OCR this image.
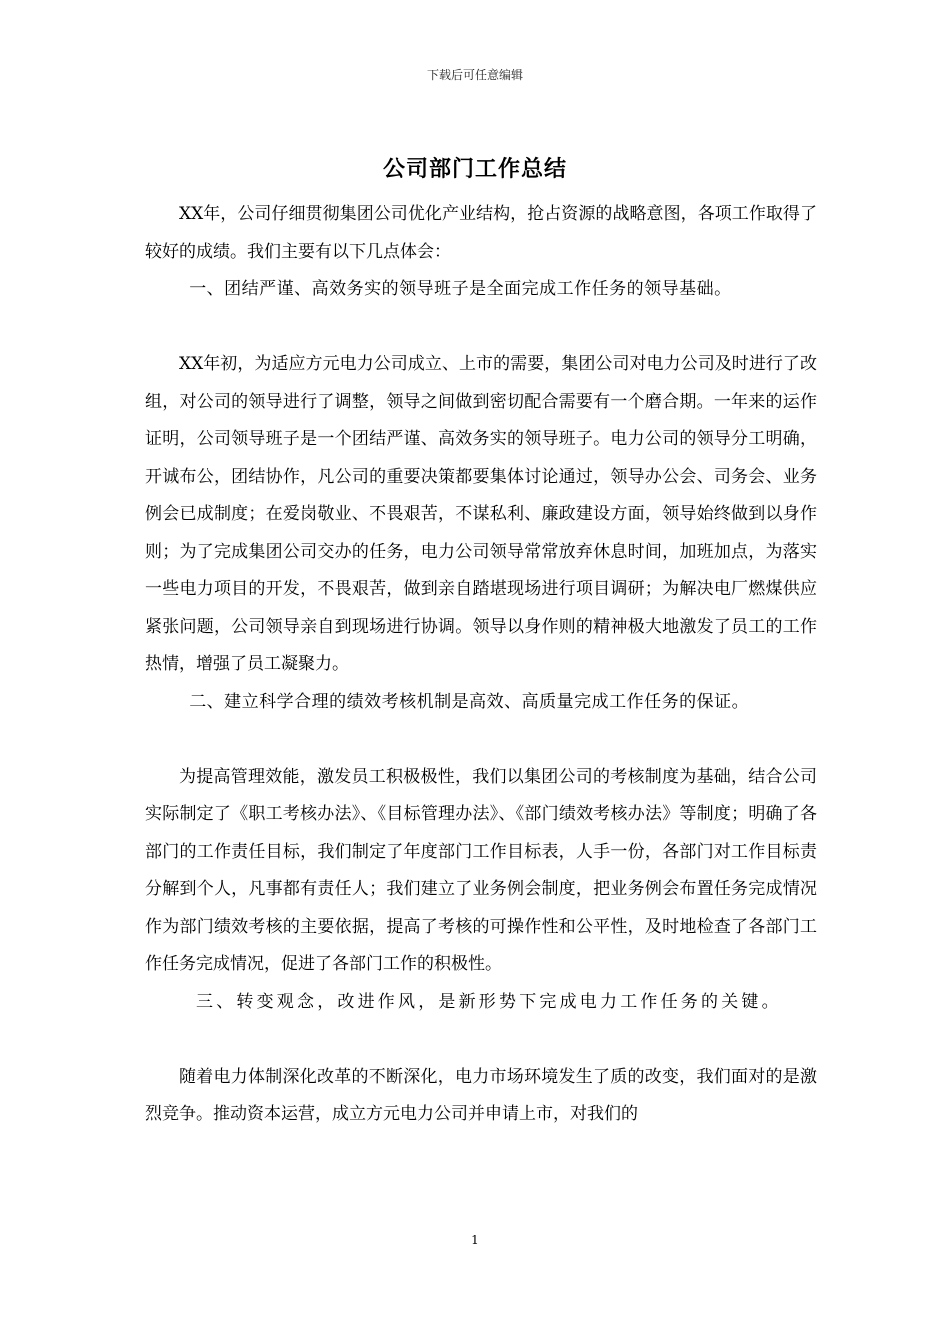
下载后可任意编辑
公司部门工作总结

XX年，公司仔细贯彻集团公司优化产业结构，抢占资源的战略意图，各项工作取得了较好的成绩。我们主要有以下几点体会：

一、团结严谨、高效务实的领导班子是全面完成工作任务的领导基础。

XX年初，为适应方元电力公司成立、上市的需要，集团公司对电力公司及时进行了改组，对公司的领导进行了调整，领导之间做到密切配合需要有一个磨合期。一年来的运作证明，公司领导班子是一个团结严谨、高效务实的领导班子。电力公司的领导分工明确，开诚布公，团结协作，凡公司的重要决策都要集体讨论通过，领导办公会、司务会、业务例会已成制度；在爱岗敬业、不畏艰苦，不谋私利、廉政建设方面，领导始终做到以身作则；为了完成集团公司交办的任务，电力公司领导常常放弃休息时间，加班加点，为落实一些电力项目的开发，不畏艰苦，做到亲自踏堪现场进行项目调研；为解决电厂燃煤供应紧张问题，公司领导亲自到现场进行协调。领导以身作则的精神极大地激发了员工的工作热情，增强了员工凝聚力。

二、建立科学合理的绩效考核机制是高效、高质量完成工作任务的保证。

为提高管理效能，激发员工积极极性，我们以集团公司的考核制度为基础，结合公司实际制定了《职工考核办法》、《目标管理办法》、《部门绩效考核办法》等制度；明确了各部门的工作责任目标，我们制定了年度部门工作目标表，人手一份，各部门对工作目标责分解到个人，凡事都有责任人；我们建立了业务例会制度，把业务例会布置任务完成情况作为部门绩效考核的主要依据，提高了考核的可操作性和公平性，及时地检查了各部门工作任务完成情况，促进了各部门工作的积极性。

三、转变观念，改进作风，是新形势下完成电力工作任务的关键。

随着电力体制深化改革的不断深化，电力市场环境发生了质的改变，我们面对的是激烈竞争。推动资本运营，成立方元电力公司并申请上市，对我们的

1
